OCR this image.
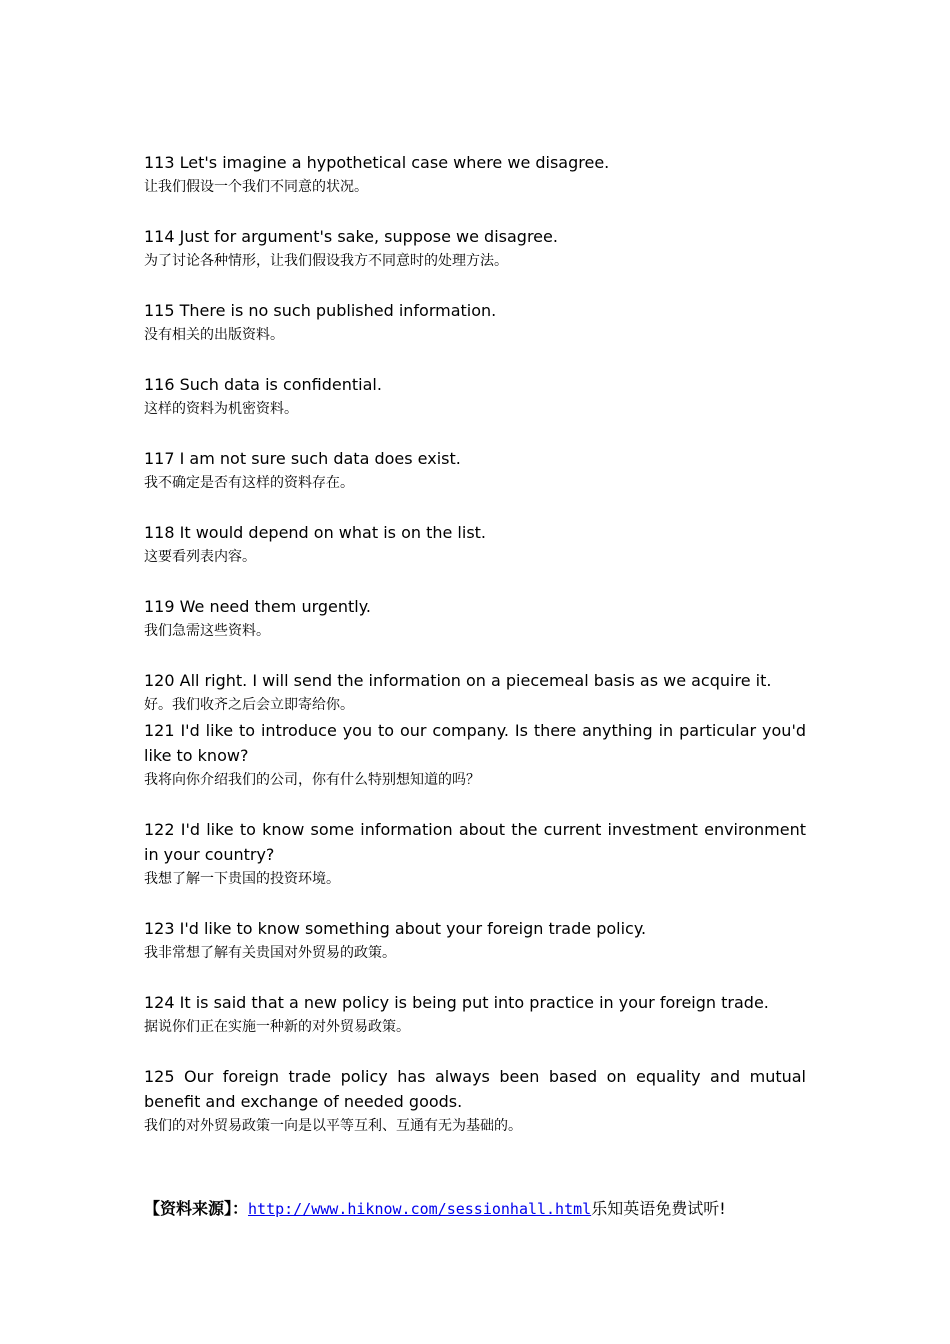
113 Let's imagine a hypothetical case where we disagree.

让我们假设一个我们不同意的状况。

114 Just for argument's sake, suppose we disagree.

为了讨论各种情形，让我们假设我方不同意时的处理方法。

115 There is no such published information.

没有相关的出版资料。

116 Such data is confidential.

这样的资料为机密资料。

117 I am not sure such data does exist.

我不确定是否有这样的资料存在。

118 It would depend on what is on the list.

这要看列表内容。

119 We need them urgently.

我们急需这些资料。

120 All right. I will send the information on a piecemeal basis as we acquire it.

好。我们收齐之后会立即寄给你。

121 I'd like to introduce you to our company. Is there anything in particular you'd like to know?

我将向你介绍我们的公司，你有什么特别想知道的吗？

122 I'd like to know some information about the current investment environment in your country?

我想了解一下贵国的投资环境。

123 I'd like to know something about your foreign trade policy.

我非常想了解有关贵国对外贸易的政策。

124 It is said that a new policy is being put into practice in your foreign trade.

据说你们正在实施一种新的对外贸易政策。

125 Our foreign trade policy has always been based on equality and mutual benefit and exchange of needed goods.

我们的对外贸易政策一向是以平等互利、互通有无为基础的。

【资料来源】：http://www.hiknow.com/sessionhall.html乐知英语免费试听!
